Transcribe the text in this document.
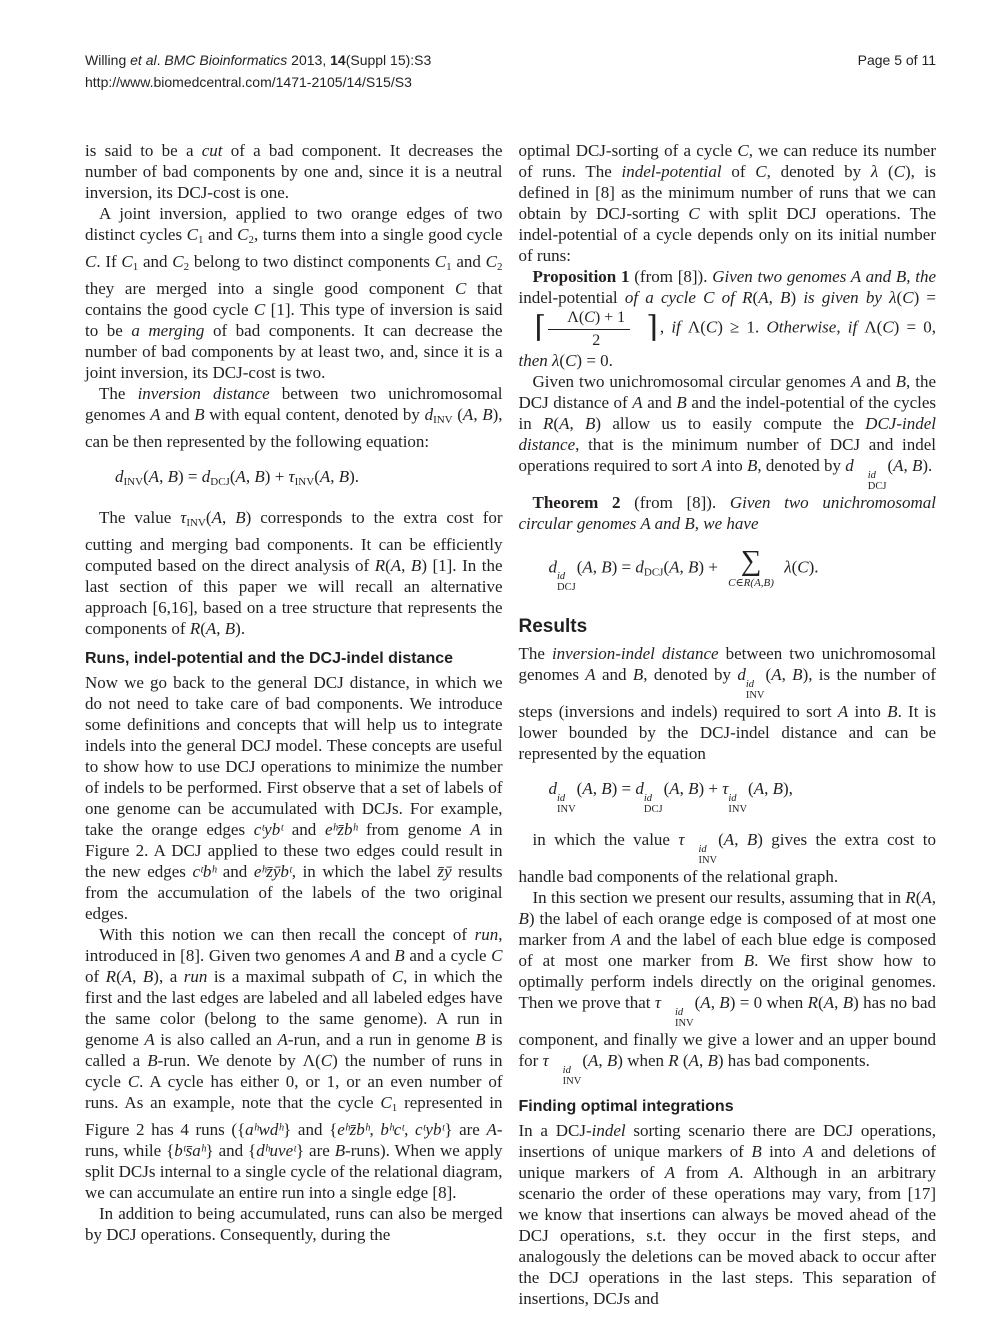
Willing et al. BMC Bioinformatics 2013, 14(Suppl 15):S3
http://www.biomedcentral.com/1471-2105/14/S15/S3
Page 5 of 11

is said to be a cut of a bad component. It decreases the number of bad components by one and, since it is a neutral inversion, its DCJ-cost is one.

A joint inversion, applied to two orange edges of two distinct cycles C1 and C2, turns them into a single good cycle C. If C1 and C2 belong to two distinct components C1 and C2 they are merged into a single good component C that contains the good cycle C [1]. This type of inversion is said to be a merging of bad components. It can decrease the number of bad components by at least two, and, since it is a joint inversion, its DCJ-cost is two.

The inversion distance between two unichromosomal genomes A and B with equal content, denoted by dINV (A, B), can be then represented by the following equation:

dINV(A, B) = dDCJ(A, B) + τINV(A, B).

The value τINV(A, B) corresponds to the extra cost for cutting and merging bad components. It can be efficiently computed based on the direct analysis of R(A, B) [1]. In the last section of this paper we will recall an alternative approach [6,16], based on a tree structure that represents the components of R(A, B).

Runs, indel-potential and the DCJ-indel distance

Now we go back to the general DCJ distance, in which we do not need to take care of bad components. We introduce some definitions and concepts that will help us to integrate indels into the general DCJ model. These concepts are useful to show how to use DCJ operations to minimize the number of indels to be performed. First observe that a set of labels of one genome can be accumulated with DCJs. For example, take the orange edges cᵗybᵗ and eʰz̄bʰ from genome A in Figure 2. A DCJ applied to these two edges could result in the new edges cᵗbʰ and eʰz̄ȳbᵗ, in which the label z̄ȳ results from the accumulation of the labels of the two original edges.

With this notion we can then recall the concept of run, introduced in [8]. Given two genomes A and B and a cycle C of R(A, B), a run is a maximal subpath of C, in which the first and the last edges are labeled and all labeled edges have the same color (belong to the same genome). A run in genome A is also called an A-run, and a run in genome B is called a B-run. We denote by Λ(C) the number of runs in cycle C. A cycle has either 0, or 1, or an even number of runs. As an example, note that the cycle C1 represented in Figure 2 has 4 runs ({aʰwdʰ} and {eʰz̄bʰ, bʰcᵗ, cᵗybᵗ} are A-runs, while {bᵗs̄aʰ} and {dʰuveᵗ} are B-runs). When we apply split DCJs internal to a single cycle of the relational diagram, we can accumulate an entire run into a single edge [8].

In addition to being accumulated, runs can also be merged by DCJ operations. Consequently, during the

optimal DCJ-sorting of a cycle C, we can reduce its number of runs. The indel-potential of C, denoted by λ (C), is defined in [8] as the minimum number of runs that we can obtain by DCJ-sorting C with split DCJ operations. The indel-potential of a cycle depends only on its initial number of runs:

Proposition 1 (from [8]). Given two genomes A and B, the indel-potential of a cycle C of R(A, B) is given by λ(C) =
⌈ $\frac{\Lambda(C) + 1}{2}$ ⌉ , if Λ(C) ≥ 1. Otherwise, if Λ(C) = 0, then λ(C) = 0.

Given two unichromosomal circular genomes A and B, the DCJ distance of A and B and the indel-potential of the cycles in R(A, B) allow us to easily compute the DCJ-indel distance, that is the minimum number of DCJ and indel operations required to sort A into B, denoted by d
id
DCJ
(A, B).

Theorem 2 (from [8]). Given two unichromosomal circular genomes A and B, we have

d
id
DCJ
(A, B) = dDCJ(A, B) + ∑
C∈R(A,B)
λ(C).
Results

The inversion-indel distance between two unichromosomal genomes A and B, denoted by d
id
INV
(A, B), is the number of steps (inversions and indels) required to sort A into B. It is lower bounded by the DCJ-indel distance and can be represented by the equation

d
id
INV
(A, B) = d
id
DCJ
(A, B) + τ
id
INV
(A, B),

in which the value τ
id
INV
(A, B) gives the extra cost to handle bad components of the relational graph.

In this section we present our results, assuming that in R(A, B) the label of each orange edge is composed of at most one marker from A and the label of each blue edge is composed of at most one marker from B. We first show how to optimally perform indels directly on the original genomes. Then we prove that τ
id
INV
(A, B) = 0 when R(A, B) has no bad component, and finally we give a lower and an upper bound for τ
id
INV
(A, B) when R (A, B) has bad components.

Finding optimal integrations

In a DCJ-indel sorting scenario there are DCJ operations, insertions of unique markers of B into A and deletions of unique markers of A from A. Although in an arbitrary scenario the order of these operations may vary, from [17] we know that insertions can always be moved ahead of the DCJ operations, s.t. they occur in the first steps, and analogously the deletions can be moved aback to occur after the DCJ operations in the last steps. This separation of insertions, DCJs and
